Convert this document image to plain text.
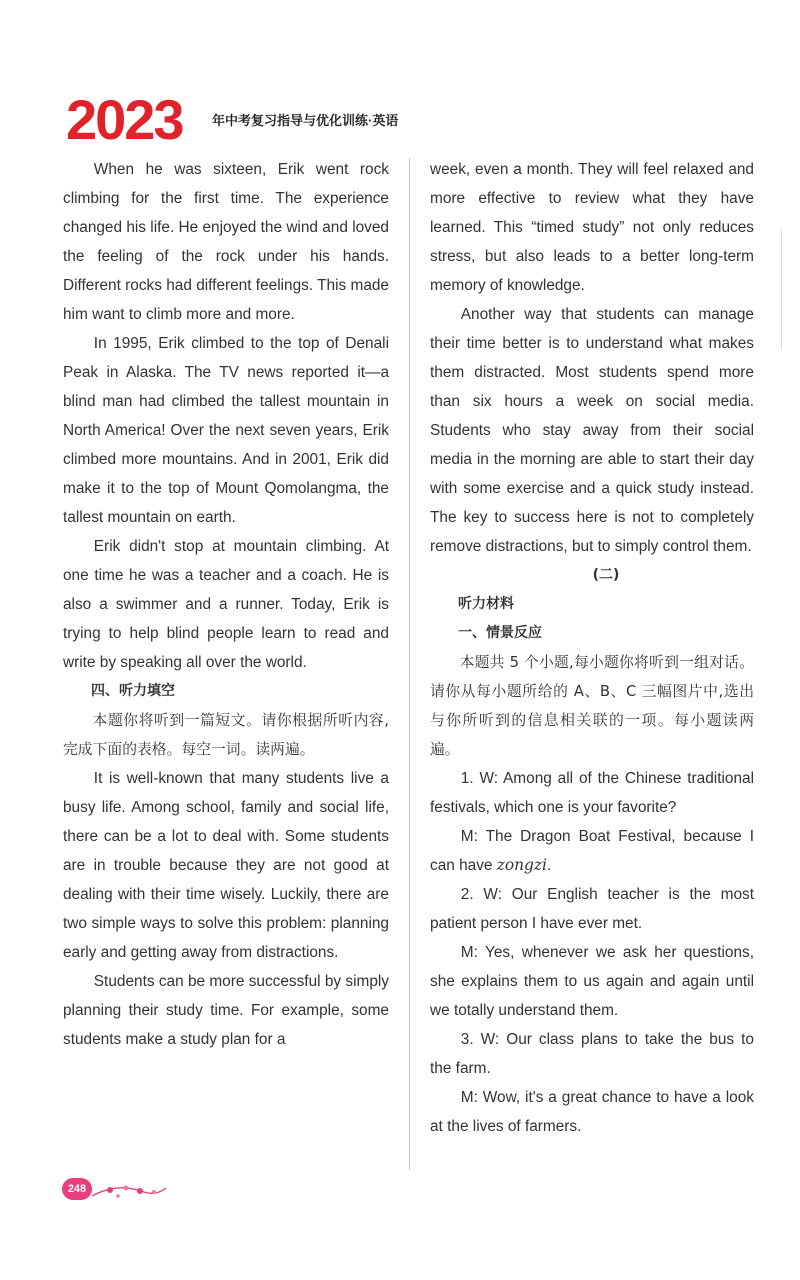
2023 年中考复习指导与优化训练·英语

When he was sixteen, Erik went rock climbing for the first time. The experience changed his life. He enjoyed the wind and loved the feeling of the rock under his hands. Different rocks had different feelings. This made him want to climb more and more.

In 1995, Erik climbed to the top of Denali Peak in Alaska. The TV news reported it—a blind man had climbed the tallest mountain in North America! Over the next seven years, Erik climbed more mountains. And in 2001, Erik did make it to the top of Mount Qomolangma, the tallest mountain on earth.

Erik didn't stop at mountain climbing. At one time he was a teacher and a coach. He is also a swimmer and a runner. Today, Erik is trying to help blind people learn to read and write by speaking all over the world.

四、听力填空

本题你将听到一篇短文。请你根据所听内容,完成下面的表格。每空一词。读两遍。

It is well-known that many students live a busy life. Among school, family and social life, there can be a lot to deal with. Some students are in trouble because they are not good at dealing with their time wisely. Luckily, there are two simple ways to solve this problem: planning early and getting away from distractions.

Students can be more successful by simply planning their study time. For example, some students make a study plan for a

week, even a month. They will feel relaxed and more effective to review what they have learned. This “timed study” not only reduces stress, but also leads to a better long-term memory of knowledge.

Another way that students can manage their time better is to understand what makes them distracted. Most students spend more than six hours a week on social media. Students who stay away from their social media in the morning are able to start their day with some exercise and a quick study instead. The key to success here is not to completely remove distractions, but to simply control them.

(二)

听力材料

一、情景反应

本题共 5 个小题,每小题你将听到一组对话。请你从每小题所给的 A、B、C 三幅图片中,选出与你所听到的信息相关联的一项。每小题读两遍。

1. W: Among all of the Chinese traditional festivals, which one is your favorite?

M: The Dragon Boat Festival, because I can have zongzi.

2. W: Our English teacher is the most patient person I have ever met.

M: Yes, whenever we ask her questions, she explains them to us again and again until we totally understand them.

3. W: Our class plans to take the bus to the farm.

M: Wow, it's a great chance to have a look at the lives of farmers.

248
